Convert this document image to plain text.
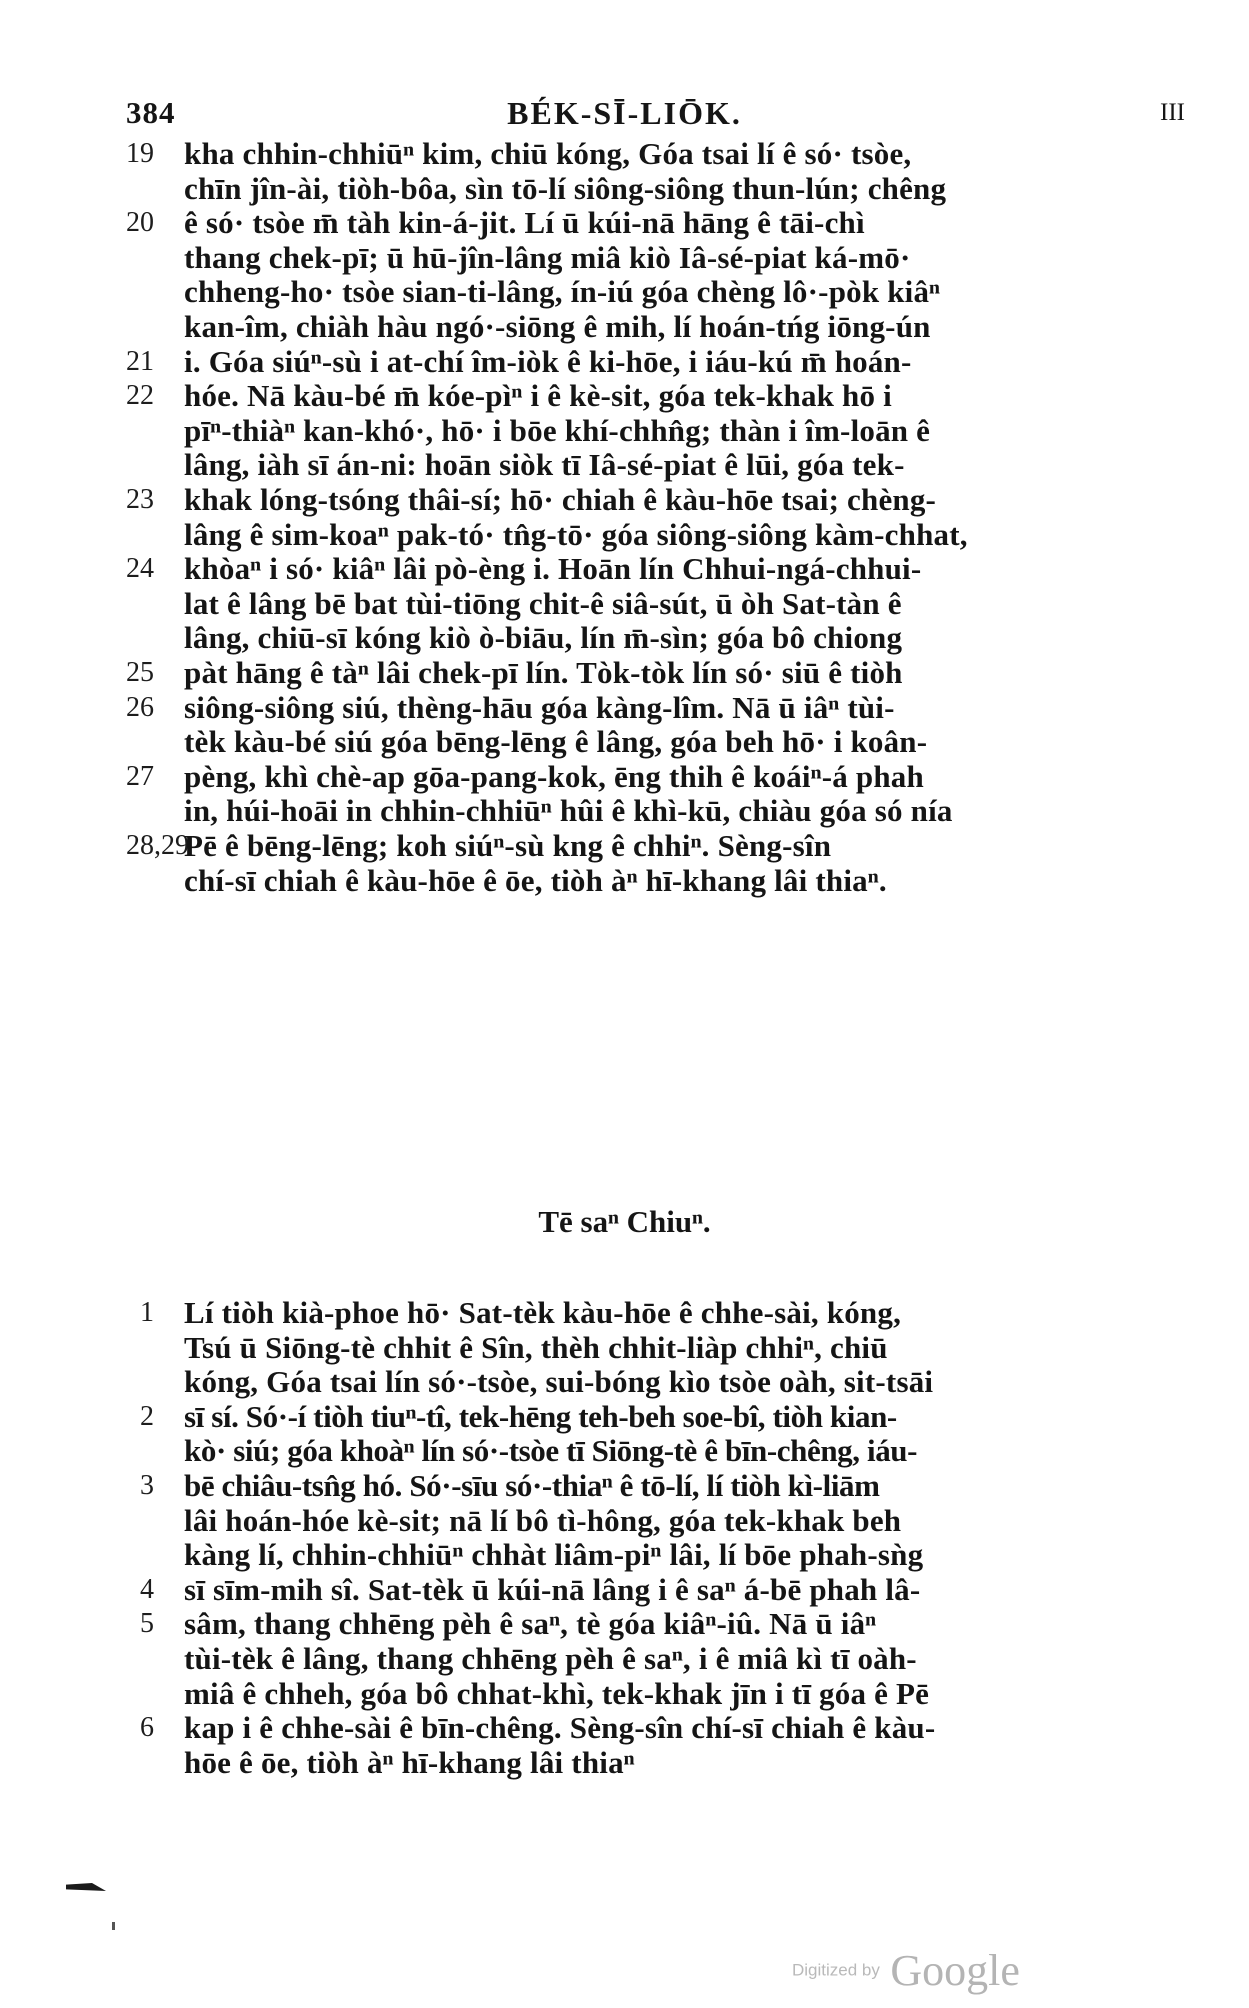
384	BÉK-SĪ-LIŌK.	III
19 kha chhin-chhiūⁿ kim, chiū kóng, Góa tsai lí ê só· tsòe,
chīn jîn-ài, tiòh-bôa, sìn tō-lí siông-siông thun-lún; chêng
20 ê só· tsòe m̄ tàh kin-á-jit. Lí ū kúi-nā hāng ê tāi-chì
thang chek-pī; ū hū-jîn-lâng miâ kiò Iâ-sé-piat ká-mō·
chheng-ho· tsòe sian-ti-lâng, ín-iú góa chèng lô·-pòk kiâⁿ
kan-îm, chiàh hàu ngó·-siōng ê mih, lí hoán-tńg iōng-ún
21 i. Góa siúⁿ-sù i at-chí îm-iòk ê ki-hōe, i iáu-kú m̄ hoán-
22 hóe. Nā kàu-bé m̄ kóe-pìⁿ i ê kè-sit, góa tek-khak hō i
pīⁿ-thiàⁿ kan-khó·, hō· i bōe khí-chhn̂g; thàn i îm-loān ê
lâng, iàh sī án-ni: hoān siòk tī Iâ-sé-piat ê lūi, góa tek-
23 khak lóng-tsóng thâi-sí; hō· chiah ê kàu-hōe tsai; chèng-
lâng ê sim-koaⁿ pak-tó· tn̂g-tō· góa siông-siông kàm-chhat,
24 khòaⁿ i só· kiâⁿ lâi pò-èng i. Hoān lín Chhui-ngá-chhui-
lat ê lâng bē bat tùi-tiōng chit-ê siâ-sút, ū òh Sat-tàn ê
lâng, chiū-sī kóng kiò ò-biāu, lín m̄-sìn; góa bô chiong
25 pàt hāng ê tàⁿ lâi chek-pī lín. Tòk-tòk lín só· siū ê tiòh
26 siông-siông siú, thèng-hāu góa kàng-lîm. Nā ū iâⁿ tùi-
tèk kàu-bé siú góa bēng-lēng ê lâng, góa beh hō· i koân-
27 pèng, khì chè-ap gōa-pang-kok, ēng thih ê koáiⁿ-á phah
in, húi-hoāi in chhin-chhiūⁿ hûi ê khì-kū, chiàu góa só nía
28,29
Pē ê bēng-lēng; koh siúⁿ-sù kng ê chhiⁿ. Sèng-sîn
chí-sī chiah ê kàu-hōe ê ōe, tiòh àⁿ hī-khang lâi thiaⁿ.
Tē saⁿ Chiuⁿ.
1 Lí tiòh kià-phoe hō· Sat-tèk kàu-hōe ê chhe-sài, kóng,
Tsú ū Siōng-tè chhit ê Sîn, thèh chhit-liàp chhiⁿ, chiū
kóng, Góa tsai lín só·-tsòe, sui-bóng kìo tsòe oàh, sit-tsāi
2 sī sí. Só·-í tiòh tiuⁿ-tî, tek-hēng teh-beh soe-bî, tiòh kian-
kò· siú; góa khoàⁿ lín só·-tsòe tī Siōng-tè ê bīn-chêng, iáu-
3 bē chiâu-tsn̂g hó. Só·-sīu só·-thiaⁿ ê tō-lí, lí tiòh kì-liām
lâi hoán-hóe kè-sit; nā lí bô tì-hông, góa tek-khak beh
kàng lí, chhin-chhiūⁿ chhàt liâm-piⁿ lâi, lí bōe phah-sǹg
4 sī sīm-mih sî. Sat-tèk ū kúi-nā lâng i ê saⁿ á-bē phah lâ-
5 sâm, thang chhēng pèh ê saⁿ, tè góa kiâⁿ-iû. Nā ū iâⁿ
tùi-tèk ê lâng, thang chhēng pèh ê saⁿ, i ê miâ kì tī oàh-
miâ ê chheh, góa bô chhat-khì, tek-khak jīn i tī góa ê Pē
6 kap i ê chhe-sài ê bīn-chêng. Sèng-sîn chí-sī chiah ê kàu-
hōe ê ōe, tiòh àⁿ hī-khang lâi thiaⁿ
Digitized by Google
